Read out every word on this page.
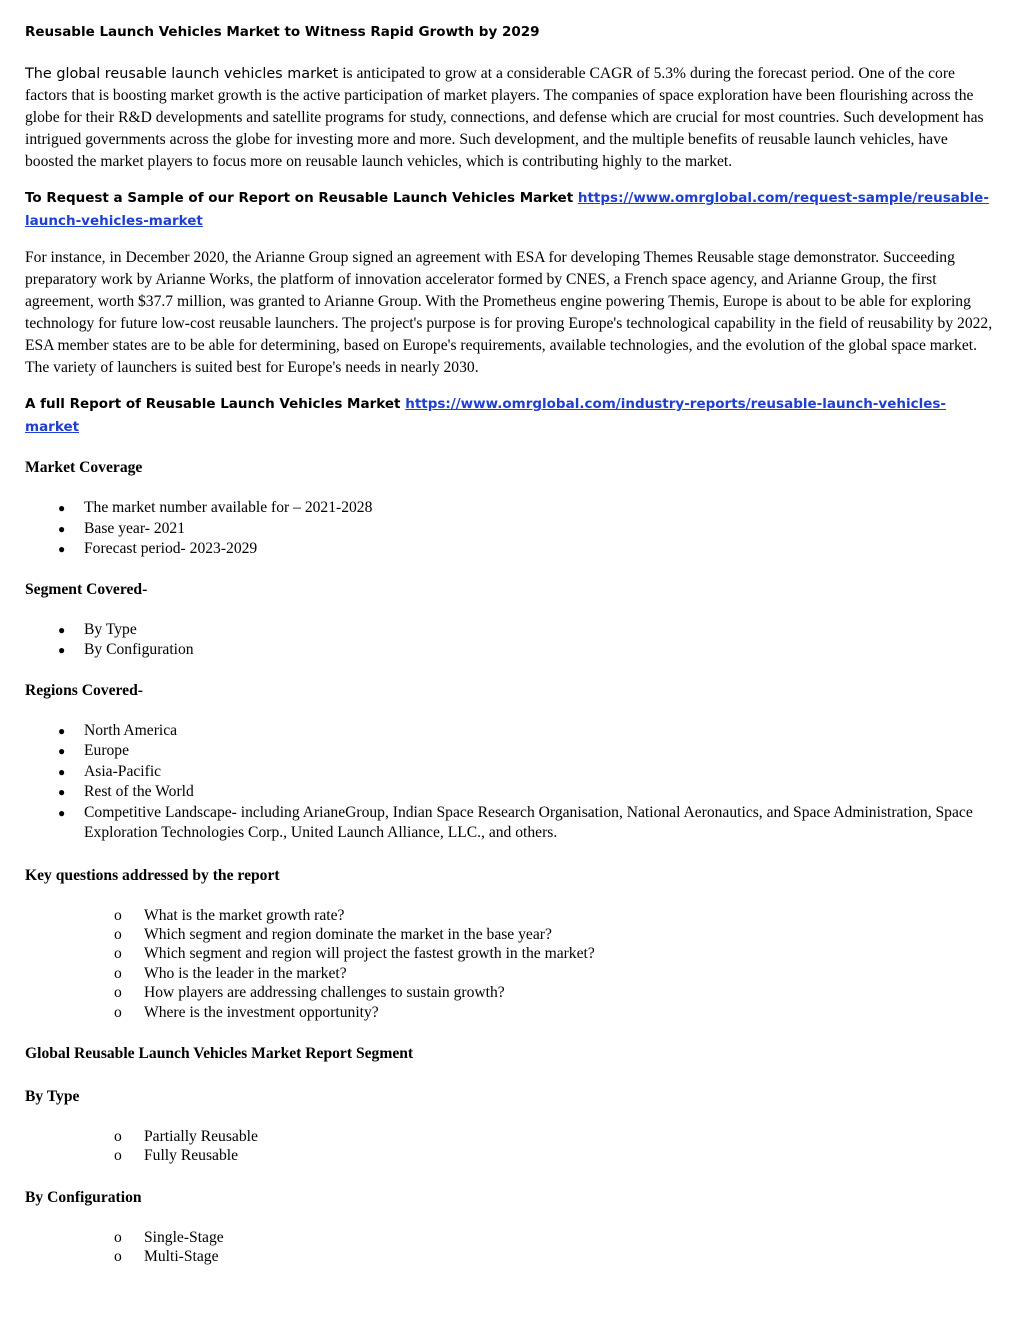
Reusable Launch Vehicles Market to Witness Rapid Growth by 2029

The global reusable launch vehicles market is anticipated to grow at a considerable CAGR of 5.3% during the forecast period. One of the core factors that is boosting market growth is the active participation of market players. The companies of space exploration have been flourishing across the globe for their R&D developments and satellite programs for study, connections, and defense which are crucial for most countries. Such development has intrigued governments across the globe for investing more and more. Such development, and the multiple benefits of reusable launch vehicles, have boosted the market players to focus more on reusable launch vehicles, which is contributing highly to the market.

To Request a Sample of our Report on Reusable Launch Vehicles Market https://www.omrglobal.com/request-sample/reusable-launch-vehicles-market

For instance, in December 2020, the Arianne Group signed an agreement with ESA for developing Themes Reusable stage demonstrator. Succeeding preparatory work by Arianne Works, the platform of innovation accelerator formed by CNES, a French space agency, and Arianne Group, the first agreement, worth $37.7 million, was granted to Arianne Group. With the Prometheus engine powering Themis, Europe is about to be able for exploring technology for future low-cost reusable launchers. The project's purpose is for proving Europe's technological capability in the field of reusability by 2022, ESA member states are to be able for determining, based on Europe's requirements, available technologies, and the evolution of the global space market. The variety of launchers is suited best for Europe's needs in nearly 2030.

A full Report of Reusable Launch Vehicles Market https://www.omrglobal.com/industry-reports/reusable-launch-vehicles-market
Market Coverage
● The market number available for – 2021-2028
● Base year- 2021
● Forecast period- 2023-2029
Segment Covered-
● By Type
● By Configuration
Regions Covered-
● North America
● Europe
● Asia-Pacific
● Rest of the World
● Competitive Landscape- including ArianeGroup, Indian Space Research Organisation, National Aeronautics, and Space Administration, Space Exploration Technologies Corp., United Launch Alliance, LLC., and others.
Key questions addressed by the report
o What is the market growth rate?
o Which segment and region dominate the market in the base year?
o Which segment and region will project the fastest growth in the market?
o Who is the leader in the market?
o How players are addressing challenges to sustain growth?
o Where is the investment opportunity?
Global Reusable Launch Vehicles Market Report Segment
By Type
o Partially Reusable
o Fully Reusable
By Configuration
o Single-Stage
o Multi-Stage
